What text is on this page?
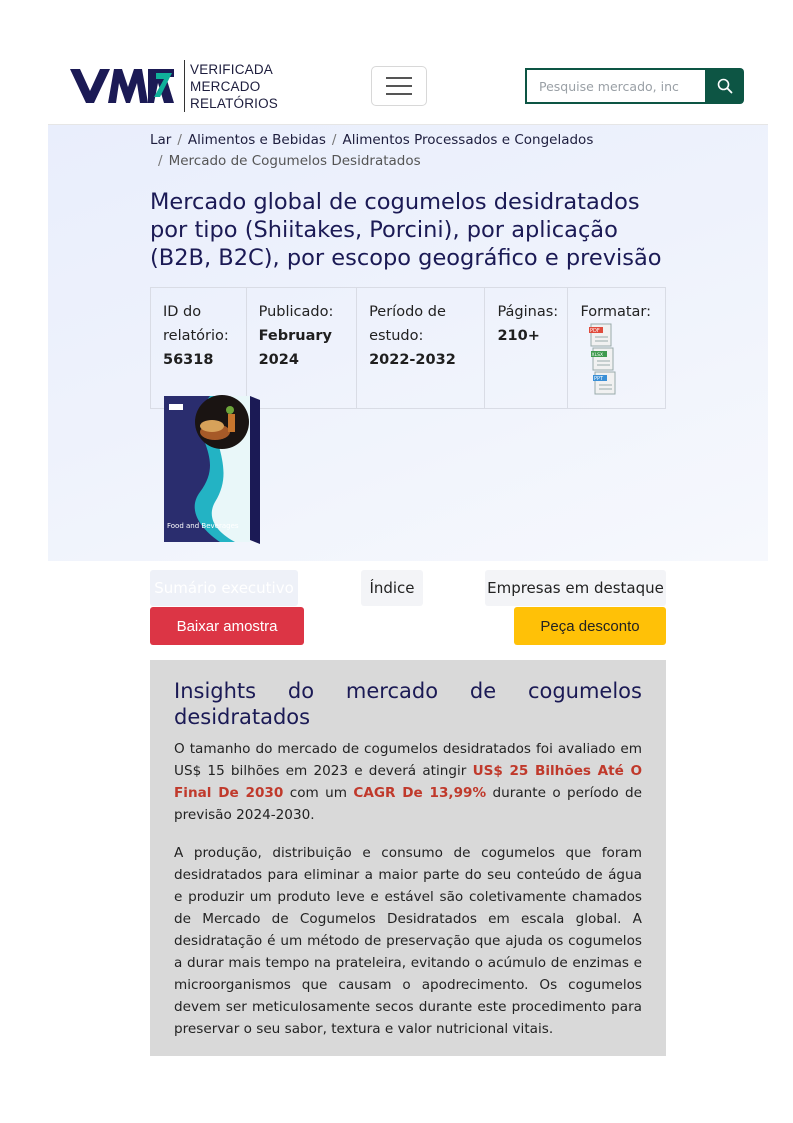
VERIFICADA
MERCADO
RELATÓRIOS
Pesquise mercado, inc
Lar / Alimentos e Bebidas / Alimentos Processados e Congelados
/ Mercado de Cogumelos Desidratados
Mercado global de cogumelos desidratados por tipo (Shiitakes, Porcini), por aplicação (B2B, B2C), por escopo geográfico e previsão
ID do relatório:
56318
Publicado:
February 2024
Período de estudo: 2022-2032
Páginas:
210+
Formatar:
PDF
XLSX
PPT
Food and Beverages
Sumário executivo	Índice	Empresas em destaque
Baixar amostra	Peça desconto
Insights do mercado de cogumelos
desidratados

O tamanho do mercado de cogumelos desidratados foi avaliado em US$ 15 bilhões em 2023 e deverá atingir US$ 25 Bilhões Até O Final De 2030 com um CAGR De 13,99% durante o período de previsão 2024-2030.

A produção, distribuição e consumo de cogumelos que foram desidratados para eliminar a maior parte do seu conteúdo de água e produzir um produto leve e estável são coletivamente chamados de Mercado de Cogumelos Desidratados em escala global. A desidratação é um método de preservação que ajuda os cogumelos a durar mais tempo na prateleira, evitando o acúmulo de enzimas e microorganismos que causam o apodrecimento. Os cogumelos devem ser meticulosamente secos durante este procedimento para preservar o seu sabor, textura e valor nutricional vitais.
